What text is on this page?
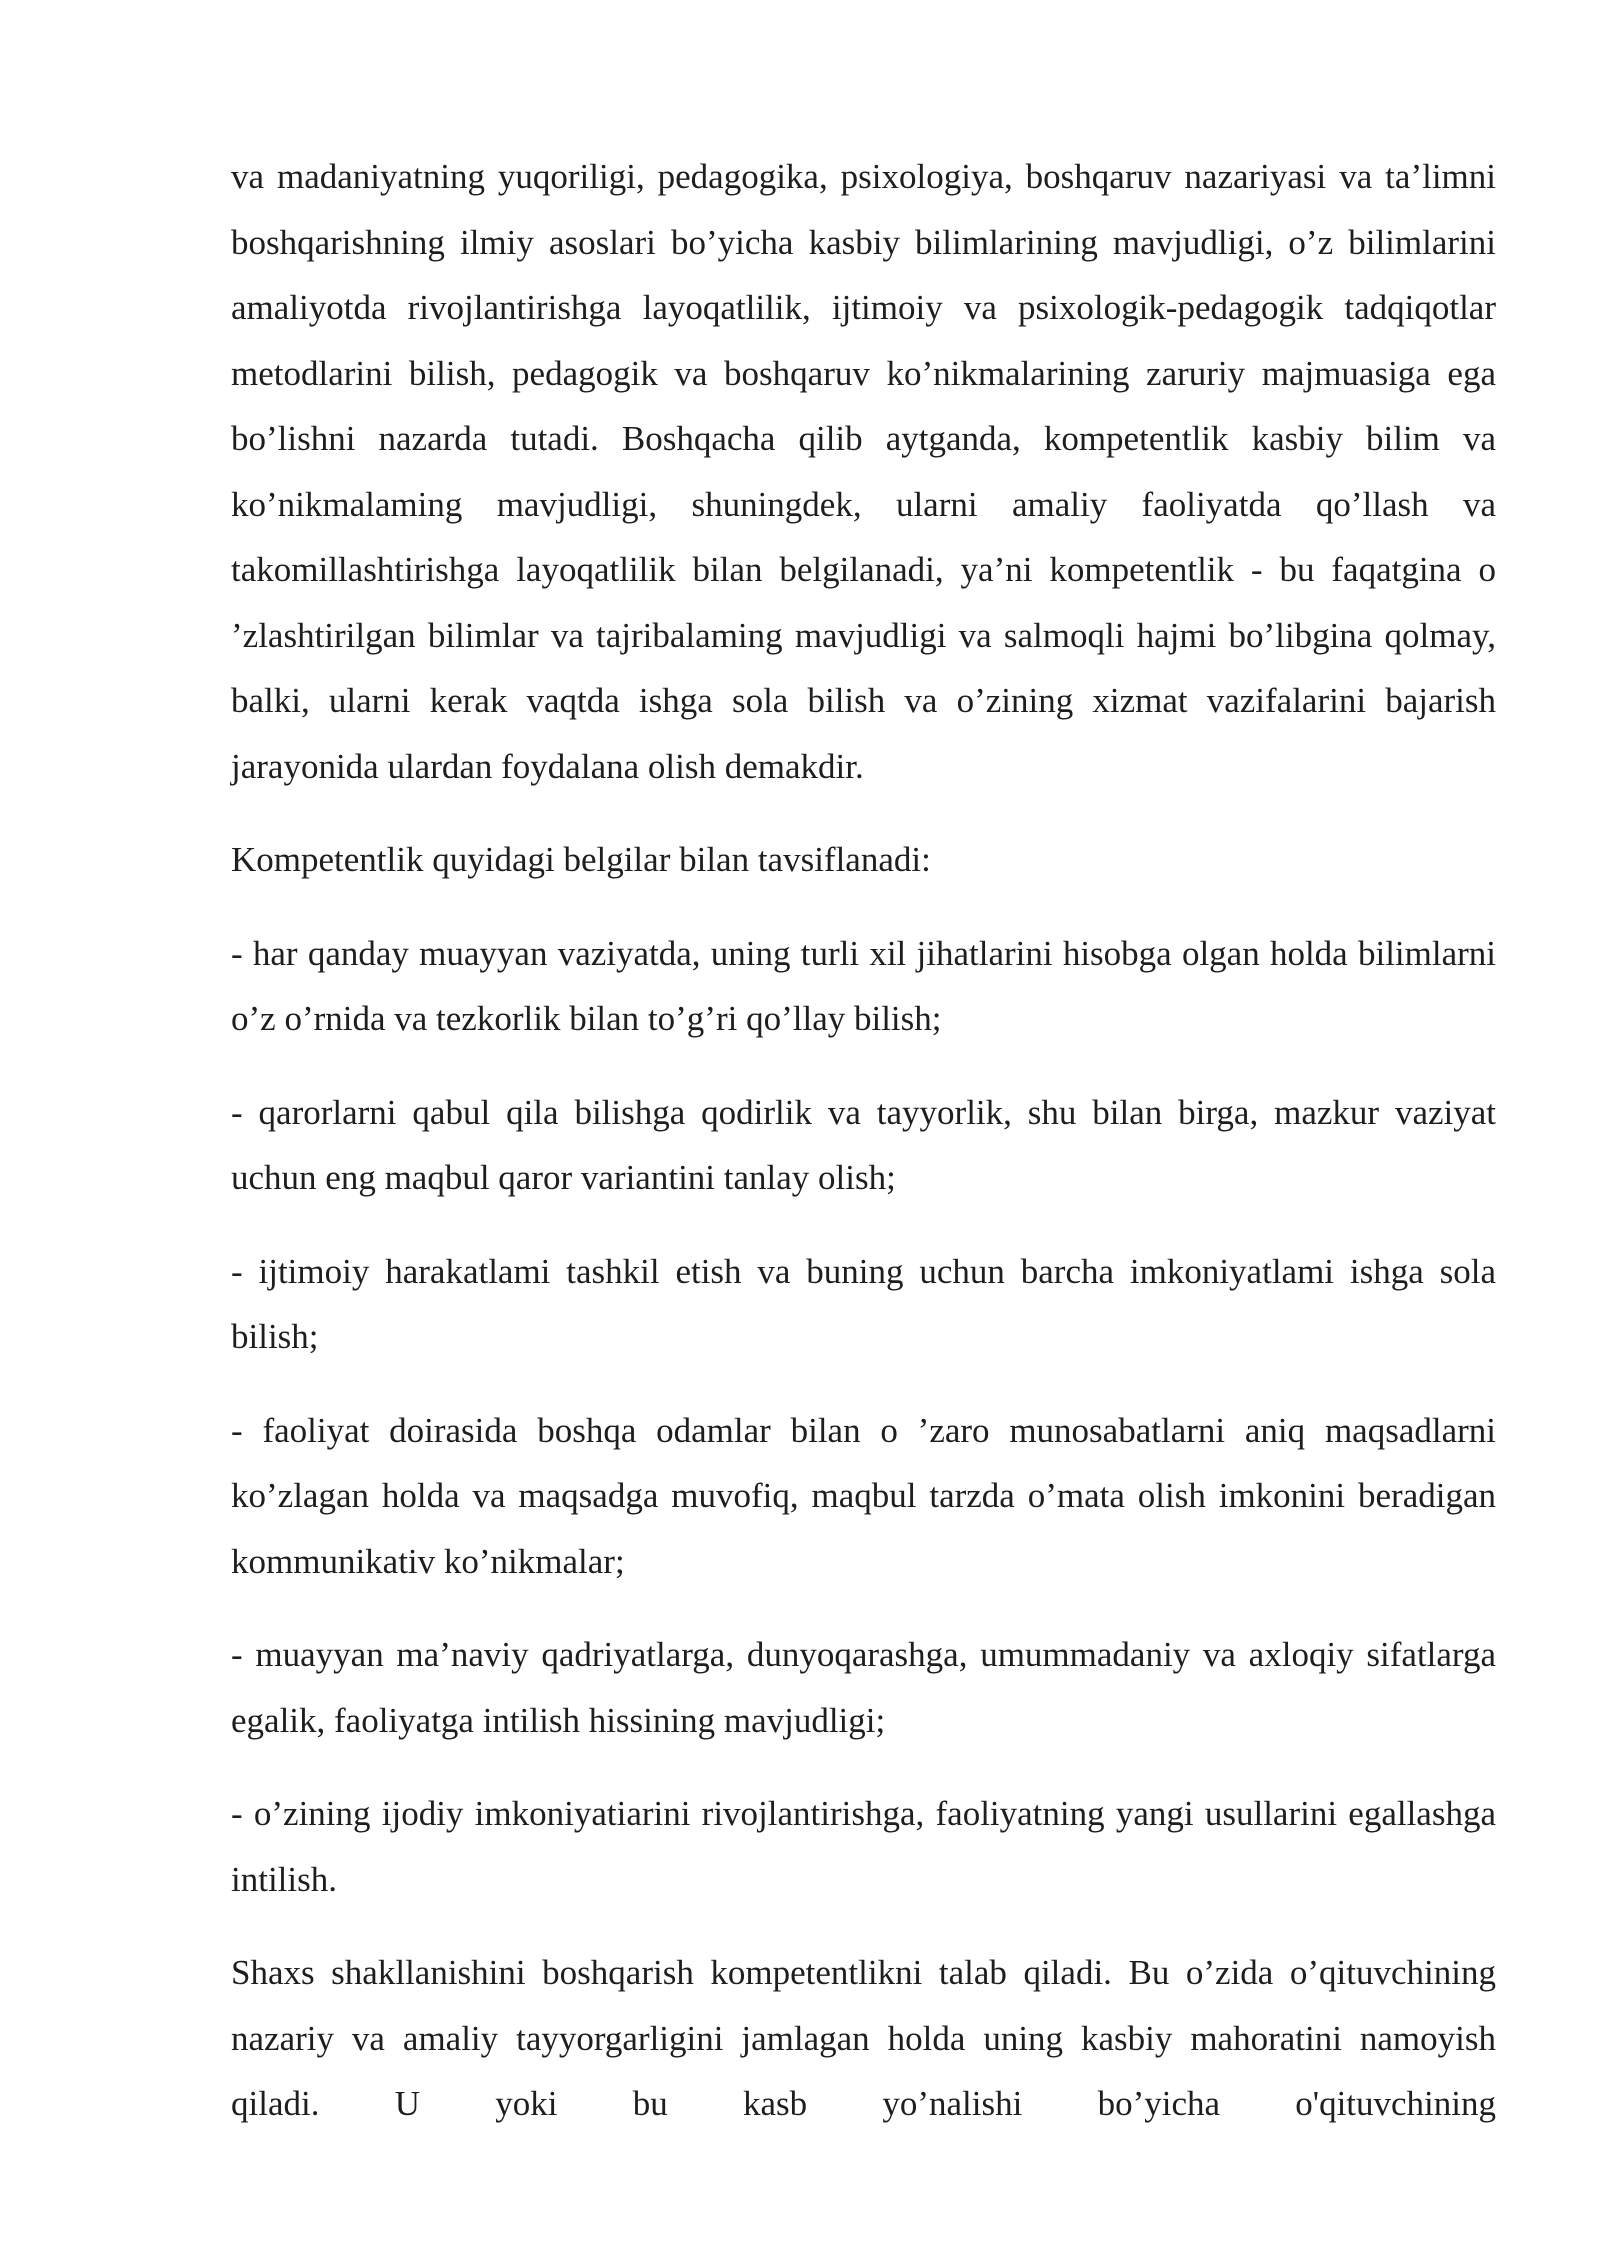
va madaniyatning yuqoriligi, pedagogika, psixologiya, boshqaruv nazariyasi va ta’limni boshqarishning ilmiy asoslari bo’yicha kasbiy bilimlarining mavjudligi, o’z bilimlarini amaliyotda rivojlantirishga layoqatlilik, ijtimoiy va psixologik-pedagogik tadqiqotlar metodlarini bilish, pedagogik va boshqaruv ko’nikmalarining zaruriy majmuasiga ega bo’lishni nazarda tutadi. Boshqacha qilib aytganda, kompetentlik kasbiy bilim va ko’nikmalaming mavjudligi, shuningdek, ularni amaliy faoliyatda qo’llash va takomillashtirishga layoqatlilik bilan belgilanadi, ya’ni kompetentlik - bu faqatgina o ’zlashtirilgan bilimlar va tajribalaming mavjudligi va salmoqli hajmi bo’libgina qolmay, balki, ularni kerak vaqtda ishga sola bilish va o’zining xizmat vazifalarini bajarish jarayonida ulardan foydalana olish demakdir.

Kompetentlik quyidagi belgilar bilan tavsiflanadi:

- har qanday muayyan vaziyatda, uning turli xil jihatlarini hisobga olgan holda bilimlarni o’z o’rnida va tezkorlik bilan to’g’ri qo’llay bilish;

- qarorlarni qabul qila bilishga qodirlik va tayyorlik, shu bilan birga, mazkur vaziyat uchun eng maqbul qaror variantini tanlay olish;

- ijtimoiy harakatlami tashkil etish va buning uchun barcha imkoniyatlami ishga sola bilish;

- faoliyat doirasida boshqa odamlar bilan o ’zaro munosabatlarni aniq maqsadlarni ko’zlagan holda va maqsadga muvofiq, maqbul tarzda o’mata olish imkonini beradigan kommunikativ ko’nikmalar;

- muayyan ma’naviy qadriyatlarga, dunyoqarashga, umummadaniy va axloqiy sifatlarga egalik, faoliyatga intilish hissining mavjudligi;

- o’zining ijodiy imkoniyatiarini rivojlantirishga, faoliyatning yangi usullarini egallashga intilish.

Shaxs shakllanishini boshqarish kompetentlikni talab qiladi. Bu o’zida o’qituvchining nazariy va amaliy tayyorgarligini jamlagan holda uning kasbiy mahoratini namoyish qiladi. U yoki bu kasb yo’nalishi bo’yicha o'qituvchining
